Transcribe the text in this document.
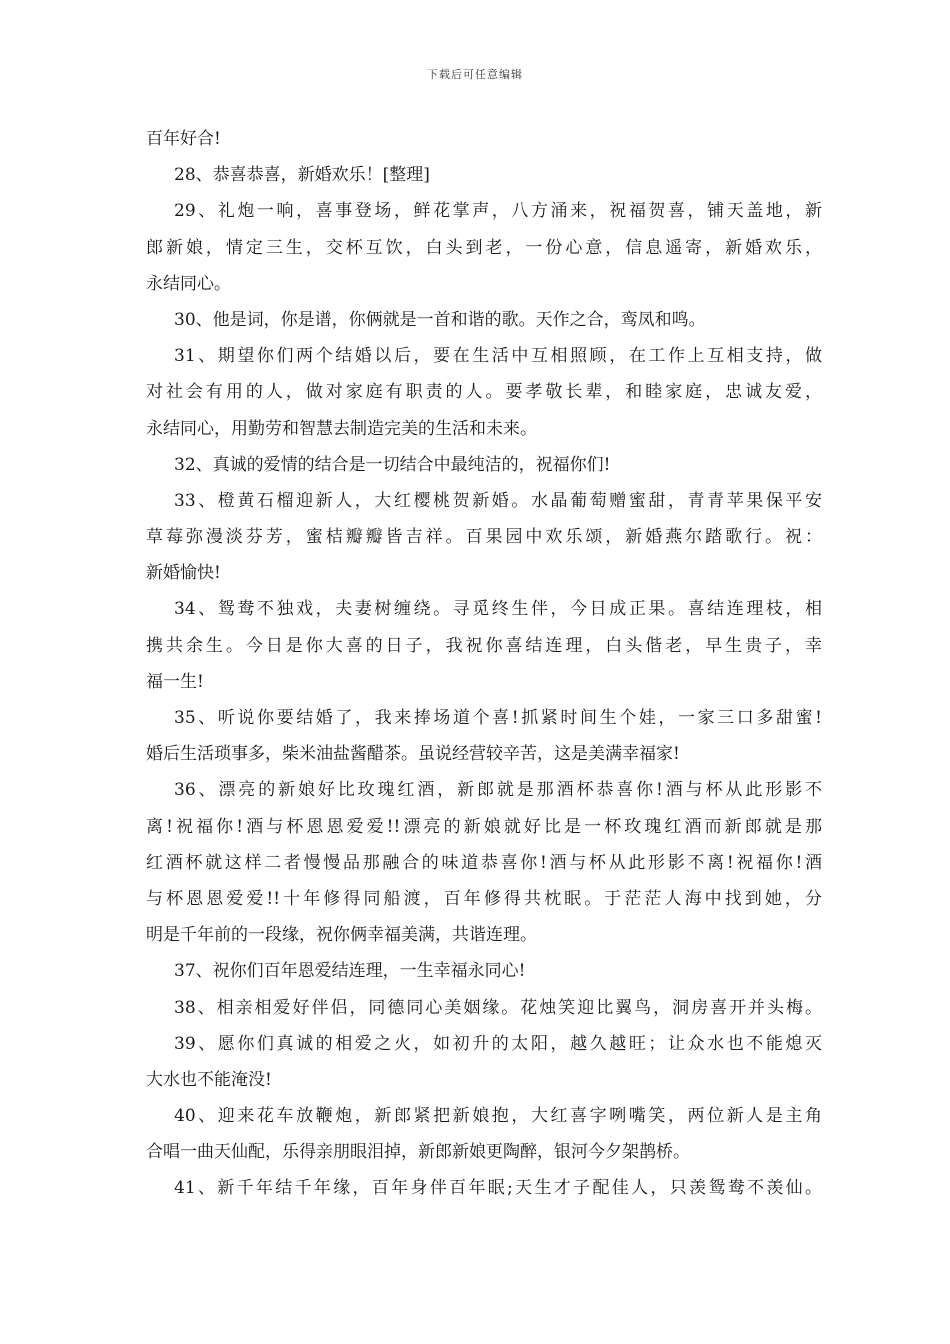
下载后可任意编辑
百年好合!
28、恭喜恭喜，新婚欢乐！[整理]
29、礼炮一响，喜事登场，鲜花掌声，八方涌来，祝福贺喜，铺天盖地，新
郎新娘，情定三生，交杯互饮，白头到老，一份心意，信息遥寄，新婚欢乐，
永结同心。
30、他是词，你是谱，你俩就是一首和谐的歌。天作之合，鸾凤和鸣。
31、期望你们两个结婚以后，要在生活中互相照顾，在工作上互相支持，做
对社会有用的人，做对家庭有职责的人。要孝敬长辈，和睦家庭，忠诚友爱，
永结同心，用勤劳和智慧去制造完美的生活和未来。
32、真诚的爱情的结合是一切结合中最纯洁的，祝福你们!
33、橙黄石榴迎新人，大红樱桃贺新婚。水晶葡萄赠蜜甜，青青苹果保平安
草莓弥漫淡芬芳，蜜桔瓣瓣皆吉祥。百果园中欢乐颂，新婚燕尔踏歌行。祝：
新婚愉快!
34、鸳鸯不独戏，夫妻树缠绕。寻觅终生伴，今日成正果。喜结连理枝，相
携共余生。今日是你大喜的日子，我祝你喜结连理，白头偕老，早生贵子，幸
福一生!
35、听说你要结婚了，我来捧场道个喜!抓紧时间生个娃，一家三口多甜蜜!
婚后生活琐事多，柴米油盐酱醋茶。虽说经营较辛苦，这是美满幸福家!
36、漂亮的新娘好比玫瑰红酒，新郎就是那酒杯恭喜你!酒与杯从此形影不
离!祝福你!酒与杯恩恩爱爱!!漂亮的新娘就好比是一杯玫瑰红酒而新郎就是那
红酒杯就这样二者慢慢品那融合的味道恭喜你!酒与杯从此形影不离!祝福你!酒
与杯恩恩爱爱!!十年修得同船渡，百年修得共枕眠。于茫茫人海中找到她，分
明是千年前的一段缘，祝你俩幸福美满，共谐连理。
37、祝你们百年恩爱结连理，一生幸福永同心!
38、相亲相爱好伴侣，同德同心美姻缘。花烛笑迎比翼鸟，洞房喜开并头梅。
39、愿你们真诚的相爱之火，如初升的太阳，越久越旺；让众水也不能熄灭
大水也不能淹没!
40、迎来花车放鞭炮，新郎紧把新娘抱，大红喜字咧嘴笑，两位新人是主角
合唱一曲天仙配，乐得亲朋眼泪掉，新郎新娘更陶醉，银河今夕架鹊桥。
41、新千年结千年缘，百年身伴百年眠;天生才子配佳人，只羡鸳鸯不羡仙。
